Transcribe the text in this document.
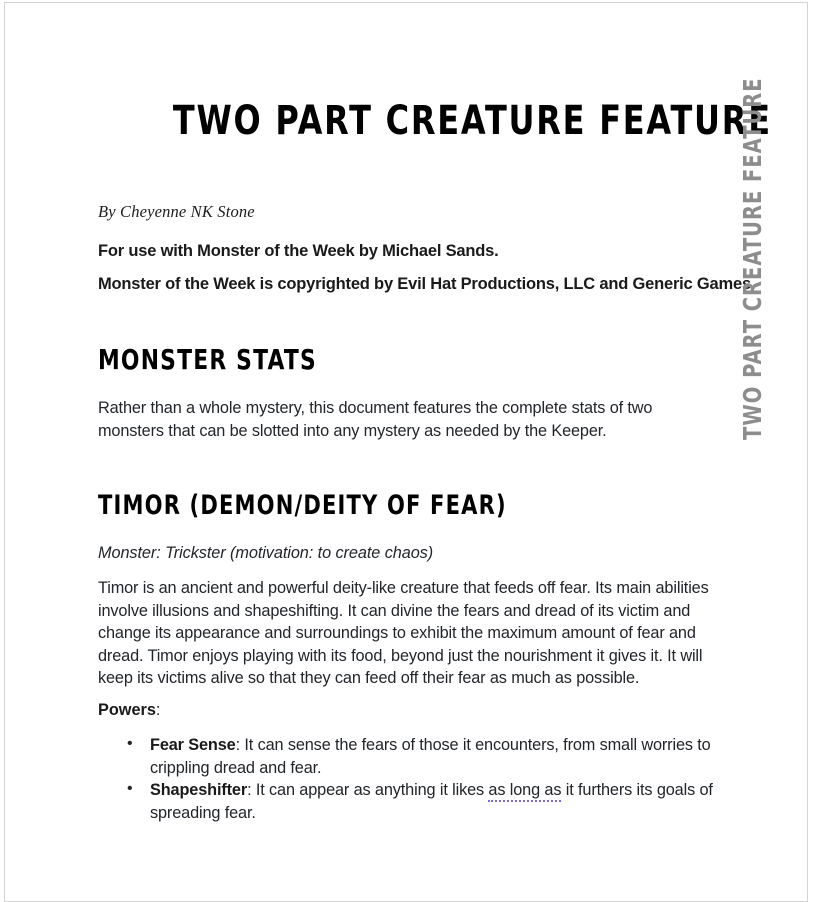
TWO PART CREATURE FEATURE
By Cheyenne NK Stone
For use with Monster of the Week by Michael Sands.
Monster of the Week is copyrighted by Evil Hat Productions, LLC and Generic Games.
MONSTER STATS
Rather than a whole mystery, this document features the complete stats of two monsters that can be slotted into any mystery as needed by the Keeper.
TIMOR (DEMON/DEITY OF FEAR)
Monster: Trickster (motivation: to create chaos)
Timor is an ancient and powerful deity-like creature that feeds off fear. Its main abilities involve illusions and shapeshifting. It can divine the fears and dread of its victim and change its appearance and surroundings to exhibit the maximum amount of fear and dread. Timor enjoys playing with its food, beyond just the nourishment it gives it. It will keep its victims alive so that they can feed off their fear as much as possible.
Powers:
• Fear Sense: It can sense the fears of those it encounters, from small worries to crippling dread and fear.
• Shapeshifter: It can appear as anything it likes as long as it furthers its goals of spreading fear.
TWO PART CREATURE FEATURE
